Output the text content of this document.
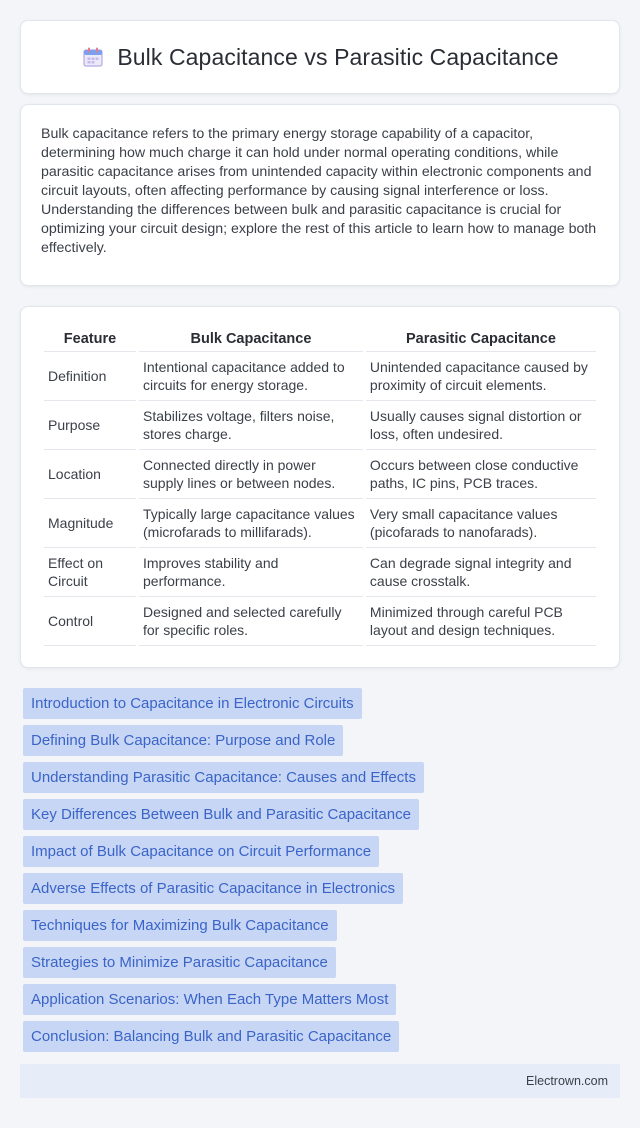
Bulk Capacitance vs Parasitic Capacitance

Bulk capacitance refers to the primary energy storage capability of a capacitor, determining how much charge it can hold under normal operating conditions, while parasitic capacitance arises from unintended capacity within electronic components and circuit layouts, often affecting performance by causing signal interference or loss. Understanding the differences between bulk and parasitic capacitance is crucial for optimizing your circuit design; explore the rest of this article to learn how to manage both effectively.

Feature	Bulk Capacitance	Parasitic Capacitance
Definition	Intentional capacitance added to circuits for energy storage.	Unintended capacitance caused by proximity of circuit elements.
Purpose	Stabilizes voltage, filters noise, stores charge.	Usually causes signal distortion or loss, often undesired.
Location	Connected directly in power supply lines or between nodes.	Occurs between close conductive paths, IC pins, PCB traces.
Magnitude	Typically large capacitance values (microfarads to millifarads).	Very small capacitance values (picofarads to nanofarads).
Effect on Circuit	Improves stability and performance.	Can degrade signal integrity and cause crosstalk.
Control	Designed and selected carefully for specific roles.	Minimized through careful PCB layout and design techniques.
Introduction to Capacitance in Electronic Circuits
Defining Bulk Capacitance: Purpose and Role
Understanding Parasitic Capacitance: Causes and Effects
Key Differences Between Bulk and Parasitic Capacitance
Impact of Bulk Capacitance on Circuit Performance
Adverse Effects of Parasitic Capacitance in Electronics
Techniques for Maximizing Bulk Capacitance
Strategies to Minimize Parasitic Capacitance
Application Scenarios: When Each Type Matters Most
Conclusion: Balancing Bulk and Parasitic Capacitance
Electrown.com
